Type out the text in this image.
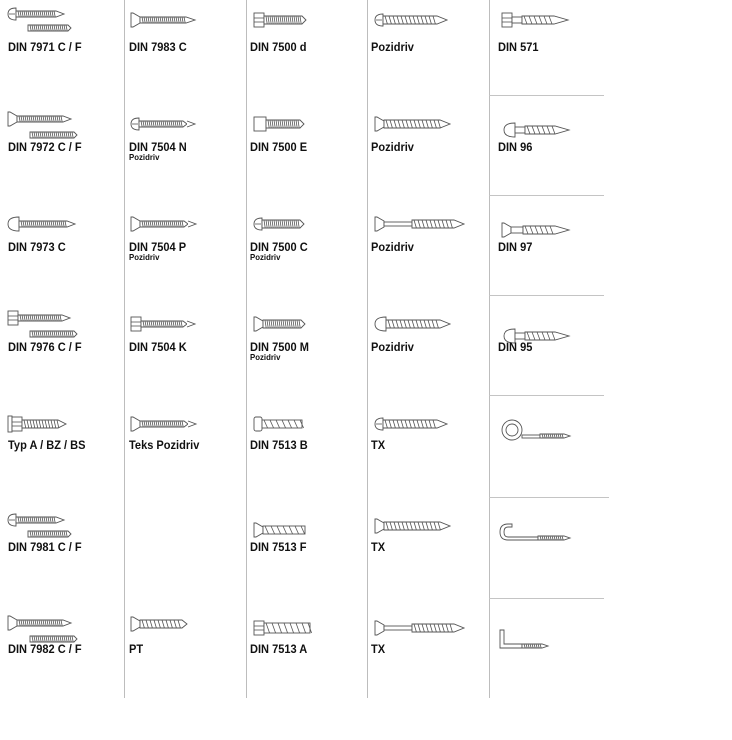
DIN 7971 C / F
DIN 7972 C / F
DIN 7973 C
DIN 7976 C / F
Typ A / BZ / BS
DIN 7981 C / F
DIN 7982 C / F
DIN 7983 C
DIN 7504 N
Pozidriv
DIN 7504 P
Pozidriv
DIN 7504 K
Teks Pozidriv
PT
DIN 7500 d
DIN 7500 E
DIN 7500 C
Pozidriv
DIN 7500 M
Pozidriv
DIN 7513 B
DIN 7513 F
DIN 7513 A
Pozidriv
Pozidriv
Pozidriv
Pozidriv
TX
TX
TX
DIN 571
DIN 96
DIN 97
DIN 95
